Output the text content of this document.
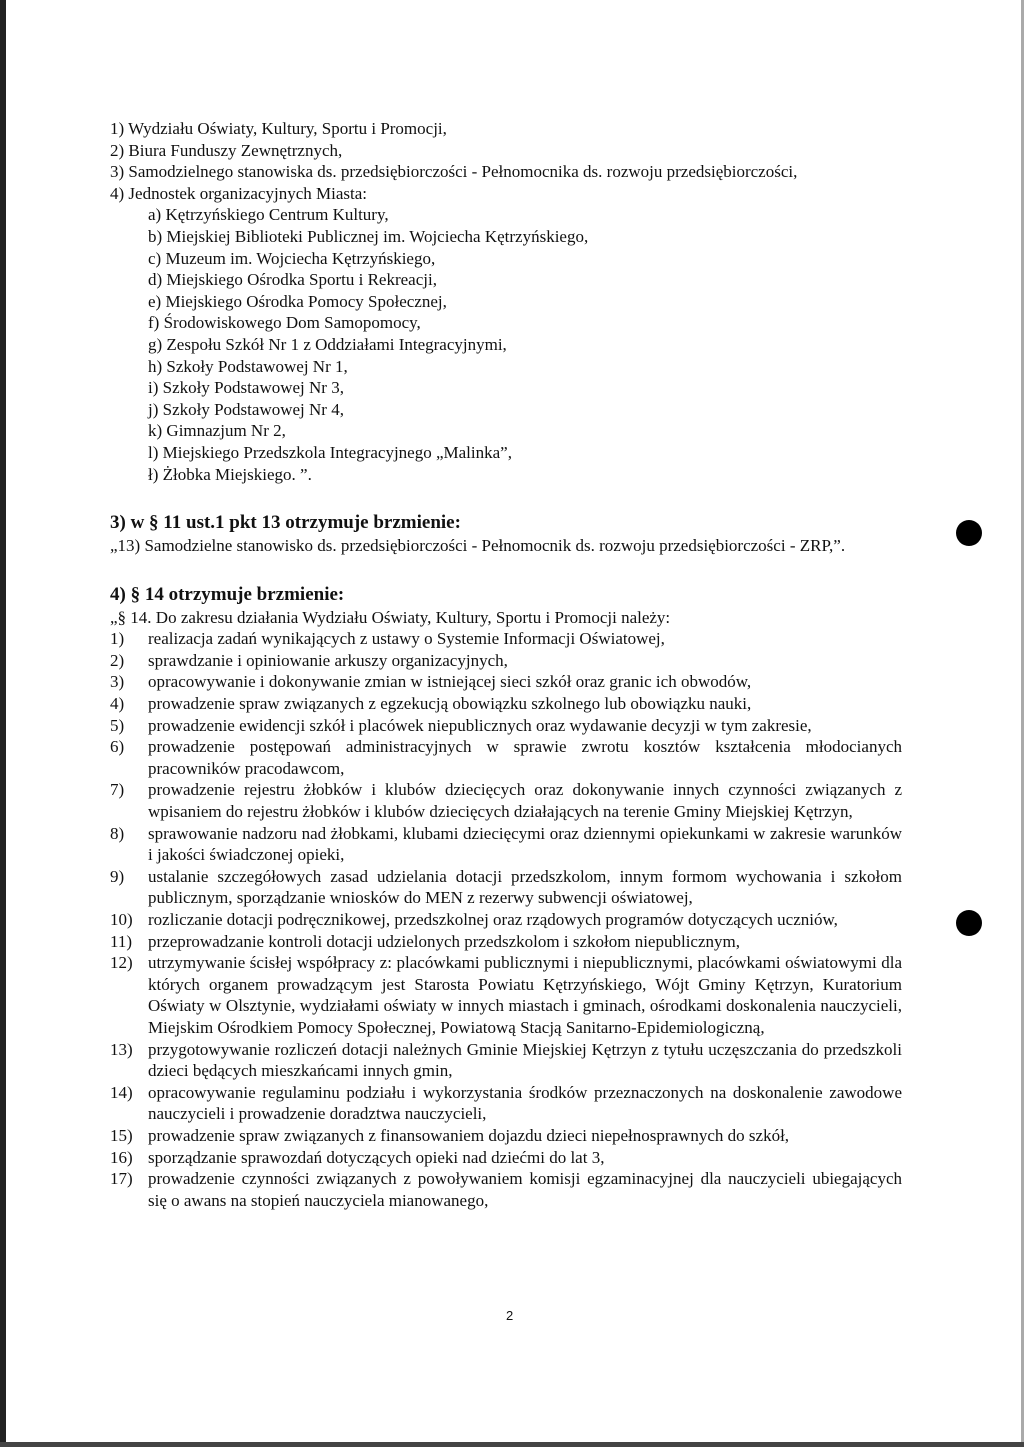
1) Wydziału Oświaty, Kultury, Sportu i Promocji,
2) Biura Funduszy Zewnętrznych,
3) Samodzielnego stanowiska ds. przedsiębiorczości - Pełnomocnika ds. rozwoju przedsiębiorczości,
4) Jednostek organizacyjnych Miasta:
a) Kętrzyńskiego Centrum Kultury,
b) Miejskiej Biblioteki Publicznej im. Wojciecha Kętrzyńskiego,
c) Muzeum im. Wojciecha Kętrzyńskiego,
d) Miejskiego Ośrodka Sportu i Rekreacji,
e) Miejskiego Ośrodka Pomocy Społecznej,
f) Środowiskowego Dom Samopomocy,
g) Zespołu Szkół Nr 1 z Oddziałami Integracyjnymi,
h) Szkoły Podstawowej Nr 1,
i) Szkoły Podstawowej Nr 3,
j) Szkoły Podstawowej Nr 4,
k) Gimnazjum Nr 2,
l) Miejskiego Przedszkola Integracyjnego „Malinka”,
ł) Żłobka Miejskiego. ”.
3) w § 11 ust.1 pkt 13 otrzymuje brzmienie:
„13) Samodzielne stanowisko ds. przedsiębiorczości - Pełnomocnik ds. rozwoju przedsiębiorczości - ZRP,”.
4) § 14 otrzymuje brzmienie:
„§ 14. Do zakresu działania Wydziału Oświaty, Kultury, Sportu i Promocji należy:
1)	realizacja zadań wynikających z ustawy o Systemie Informacji Oświatowej,
2)	sprawdzanie i opiniowanie arkuszy organizacyjnych,
3)	opracowywanie i dokonywanie zmian w istniejącej sieci szkół oraz granic ich obwodów,
4)	prowadzenie spraw związanych z egzekucją obowiązku szkolnego lub obowiązku nauki,
5)	prowadzenie ewidencji szkół i placówek niepublicznych oraz wydawanie decyzji w tym zakresie,
6)	prowadzenie postępowań administracyjnych w sprawie zwrotu kosztów kształcenia młodocianych pracowników pracodawcom,
7)	prowadzenie rejestru żłobków i klubów dziecięcych oraz dokonywanie innych czynności związanych z wpisaniem do rejestru żłobków i klubów dziecięcych działających na terenie Gminy Miejskiej Kętrzyn,
8)	sprawowanie nadzoru nad żłobkami, klubami dziecięcymi oraz dziennymi opiekunkami w zakresie warunków i jakości świadczonej opieki,
9)	ustalanie szczegółowych zasad udzielania dotacji przedszkolom, innym formom wychowania i szkołom publicznym, sporządzanie wniosków do MEN z rezerwy subwencji oświatowej,
10) rozliczanie dotacji podręcznikowej, przedszkolnej oraz rządowych programów dotyczących uczniów,
11) przeprowadzanie kontroli dotacji udzielonych przedszkolom i szkołom niepublicznym,
12) utrzymywanie ścisłej współpracy z: placówkami publicznymi i niepublicznymi, placówkami oświatowymi dla których organem prowadzącym jest Starosta Powiatu Kętrzyńskiego, Wójt Gminy Kętrzyn, Kuratorium Oświaty w Olsztynie, wydziałami oświaty w innych miastach i gminach, ośrodkami doskonalenia nauczycieli, Miejskim Ośrodkiem Pomocy Społecznej, Powiatową Stacją Sanitarno-Epidemiologiczną,
13) przygotowywanie rozliczeń dotacji należnych Gminie Miejskiej Kętrzyn z tytułu uczęszczania do przedszkoli dzieci będących mieszkańcami innych gmin,
14) opracowywanie regulaminu podziału i wykorzystania środków przeznaczonych na doskonalenie zawodowe nauczycieli i prowadzenie doradztwa nauczycieli,
15) prowadzenie spraw związanych z finansowaniem dojazdu dzieci niepełnosprawnych do szkół,
16) sporządzanie sprawozdań dotyczących opieki nad dziećmi do lat 3,
17) prowadzenie czynności związanych z powoływaniem komisji egzaminacyjnej dla nauczycieli ubiegających się o awans na stopień nauczyciela mianowanego,
2
